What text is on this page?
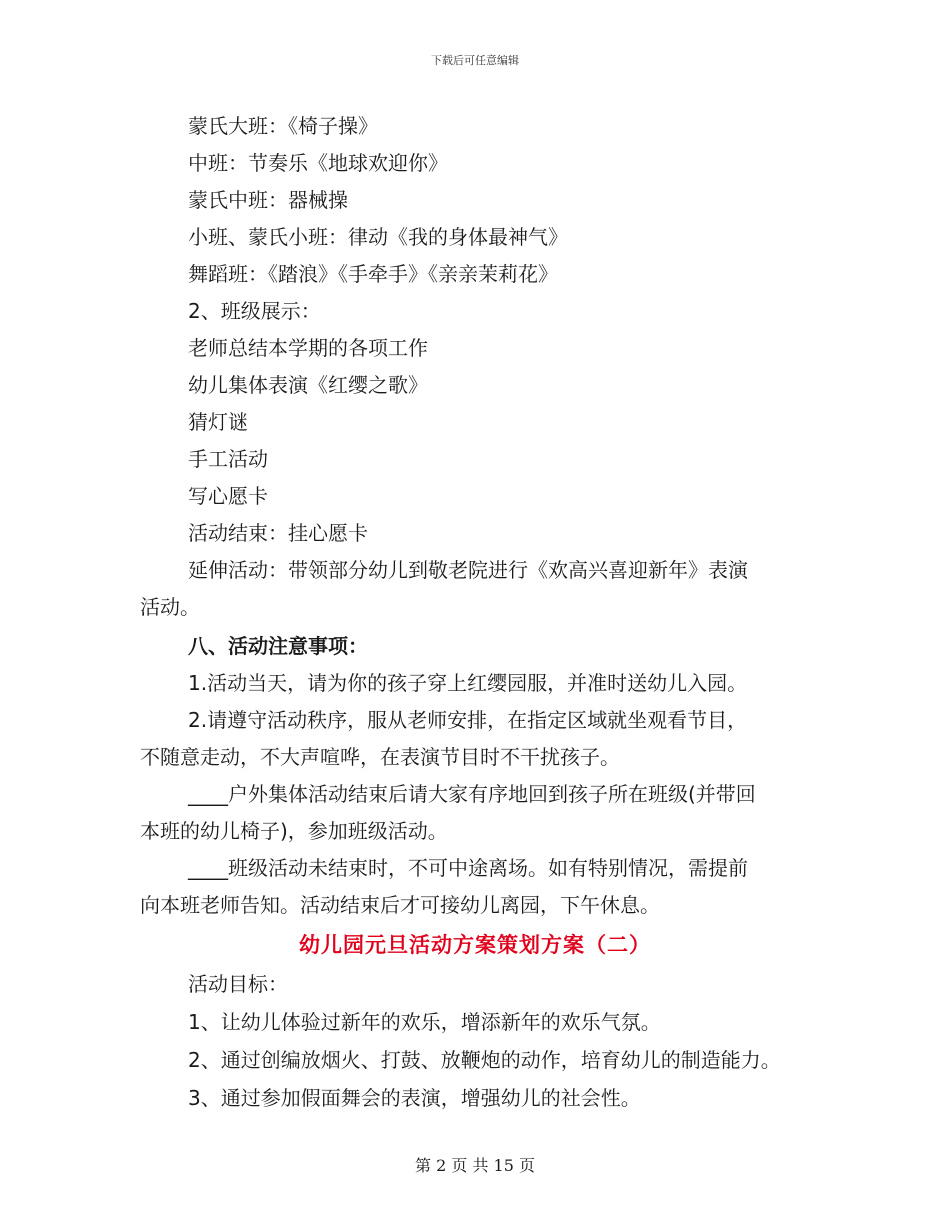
下载后可任意编辑
蒙氏大班：《椅子操》
中班：节奏乐《地球欢迎你》
蒙氏中班：器械操
小班、蒙氏小班：律动《我的身体最神气》
舞蹈班：《踏浪》《手牵手》《亲亲茉莉花》
2、班级展示：
老师总结本学期的各项工作
幼儿集体表演《红缨之歌》
猜灯谜
手工活动
写心愿卡
活动结束：挂心愿卡
延伸活动：带领部分幼儿到敬老院进行《欢高兴喜迎新年》表演
活动。
八、活动注意事项：
1.活动当天，请为你的孩子穿上红缨园服，并准时送幼儿入园。
2.请遵守活动秩序，服从老师安排，在指定区域就坐观看节目，
不随意走动，不大声喧哗，在表演节目时不干扰孩子。
____户外集体活动结束后请大家有序地回到孩子所在班级(并带回
本班的幼儿椅子)，参加班级活动。
____班级活动未结束时，不可中途离场。如有特别情况，需提前
向本班老师告知。活动结束后才可接幼儿离园，下午休息。
幼儿园元旦活动方案策划方案（二）
活动目标：
1、让幼儿体验过新年的欢乐，增添新年的欢乐气氛。
2、通过创编放烟火、打鼓、放鞭炮的动作，培育幼儿的制造能力。
3、通过参加假面舞会的表演，增强幼儿的社会性。
第 2 页 共 15 页
